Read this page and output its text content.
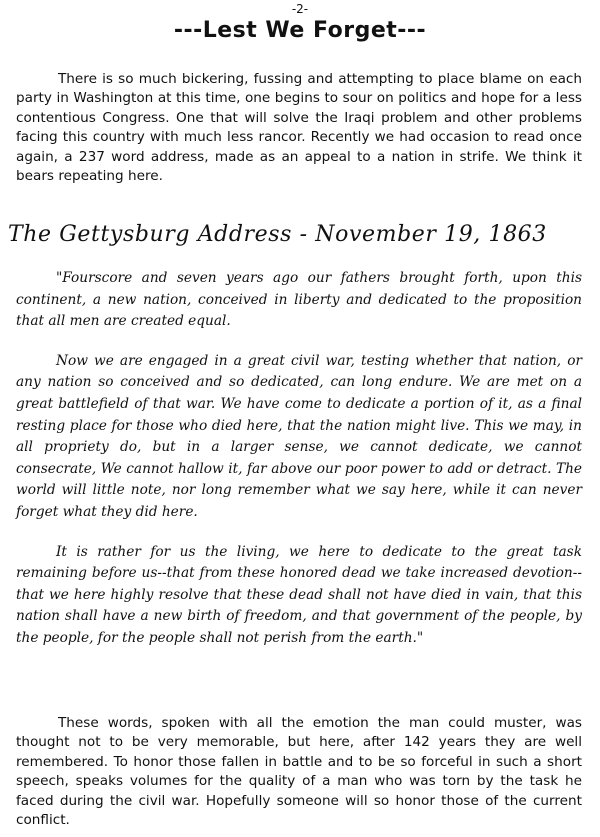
-2-
---Lest We Forget---

There is so much bickering, fussing and attempting to place blame on each party in Washington at this time, one begins to sour on politics and hope for a less contentious Congress. One that will solve the Iraqi problem and other problems facing this country with much less rancor. Recently we had occasion to read once again, a 237 word address, made as an appeal to a nation in strife. We think it bears repeating here.

The Gettysburg Address - November 19, 1863

"Fourscore and seven years ago our fathers brought forth, upon this continent, a new nation, conceived in liberty and dedicated to the proposition that all men are created equal.

Now we are engaged in a great civil war, testing whether that nation, or any nation so conceived and so dedicated, can long endure. We are met on a great battlefield of that war. We have come to dedicate a portion of it, as a final resting place for those who died here, that the nation might live. This we may, in all propriety do, but in a larger sense, we cannot dedicate, we cannot consecrate, We cannot hallow it, far above our poor power to add or detract. The world will little note, nor long remember what we say here, while it can never forget what they did here.

It is rather for us the living, we here to dedicate to the great task remaining before us--that from these honored dead we take increased devotion--that we here highly resolve that these dead shall not have died in vain, that this nation shall have a new birth of freedom, and that government of the people, by the people, for the people shall not perish from the earth."

These words, spoken with all the emotion the man could muster, was thought not to be very memorable, but here, after 142 years they are well remembered. To honor those fallen in battle and to be so forceful in such a short speech, speaks volumes for the quality of a man who was torn by the task he faced during the civil war. Hopefully someone will so honor those of the current conflict.
